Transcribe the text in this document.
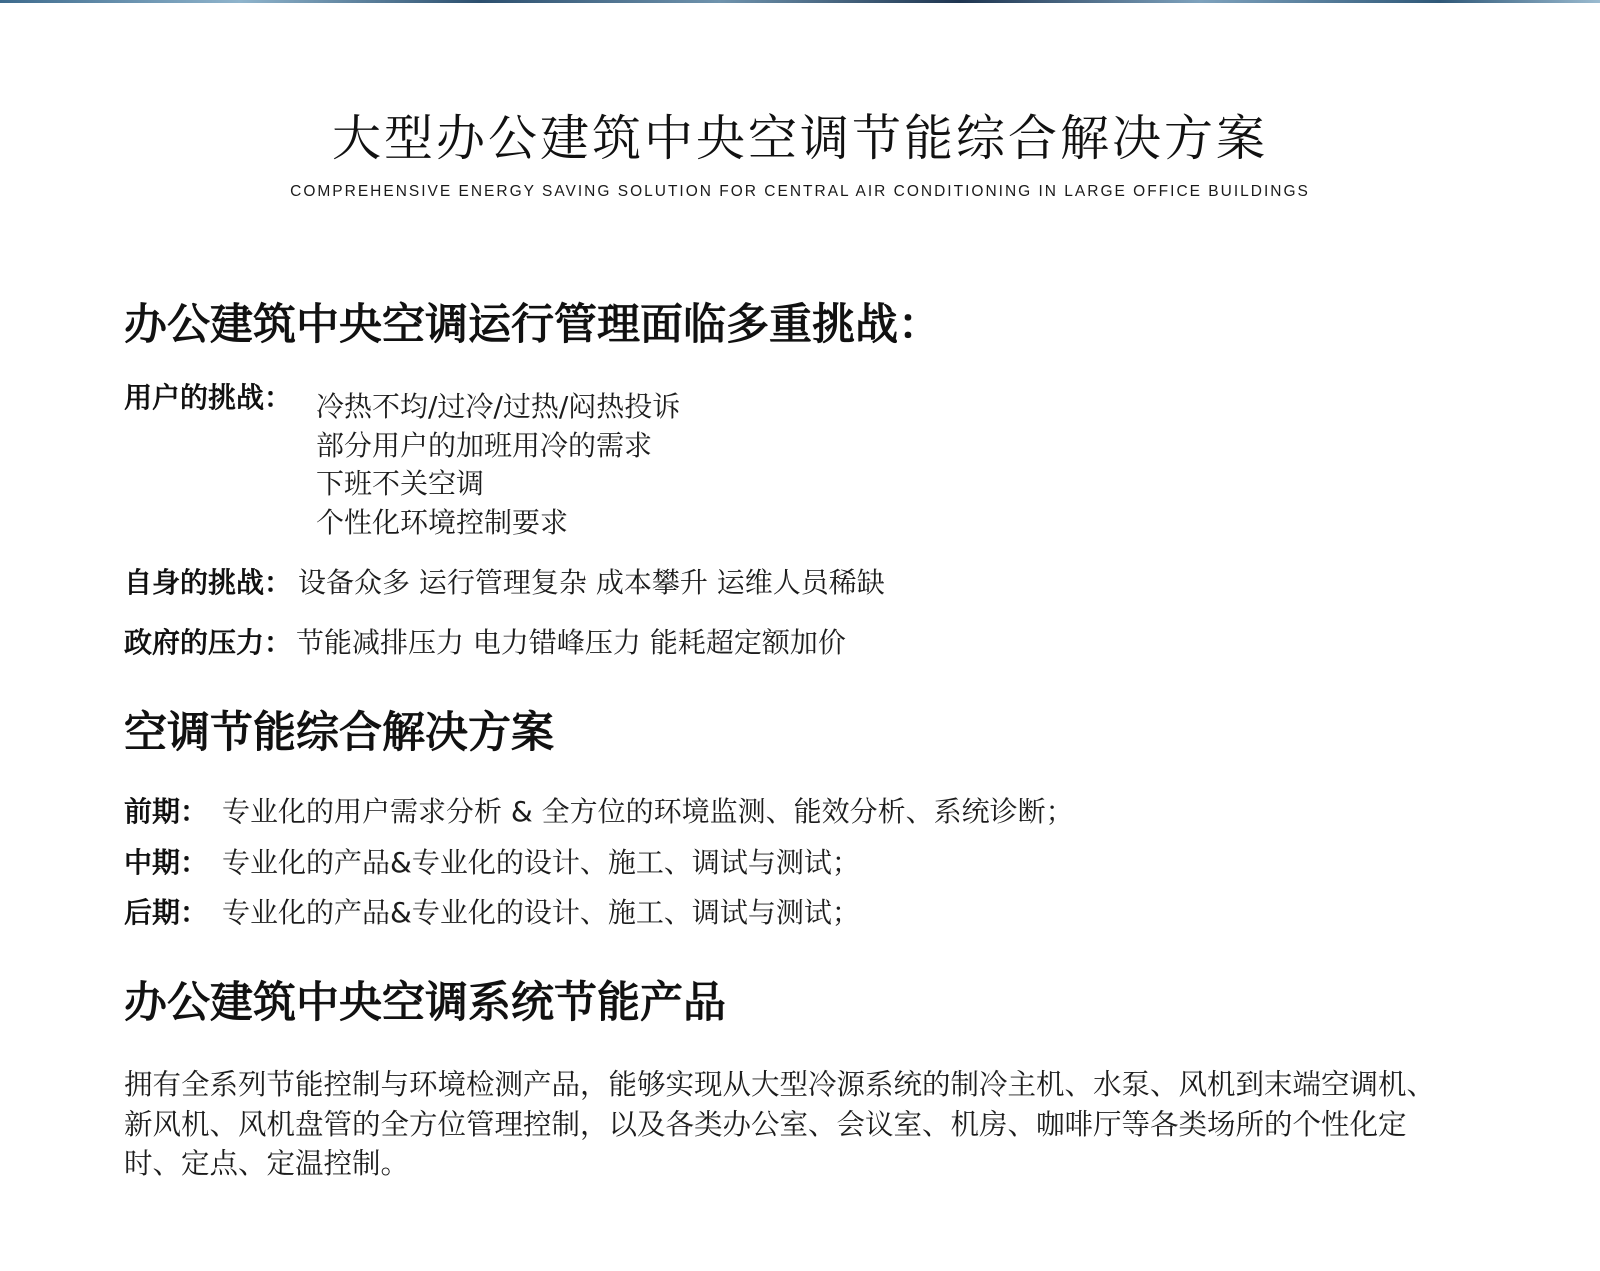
大型办公建筑中央空调节能综合解决方案
COMPREHENSIVE ENERGY SAVING SOLUTION FOR CENTRAL AIR CONDITIONING IN LARGE OFFICE BUILDINGS
办公建筑中央空调运行管理面临多重挑战：
用户的挑战： 冷热不均/过冷/过热/闷热投诉
部分用户的加班用冷的需求
下班不关空调
个性化环境控制要求
自身的挑战： 设备众多 运行管理复杂 成本攀升 运维人员稀缺
政府的压力： 节能减排压力 电力错峰压力 能耗超定额加价
空调节能综合解决方案
前期： 专业化的用户需求分析 & 全方位的环境监测、能效分析、系统诊断；
中期： 专业化的产品&专业化的设计、施工、调试与测试；
后期： 专业化的产品&专业化的设计、施工、调试与测试；
办公建筑中央空调系统节能产品
拥有全系列节能控制与环境检测产品，能够实现从大型冷源系统的制冷主机、水泵、风机到末端空调机、新风机、风机盘管的全方位管理控制，以及各类办公室、会议室、机房、咖啡厅等各类场所的个性化定时、定点、定温控制。
